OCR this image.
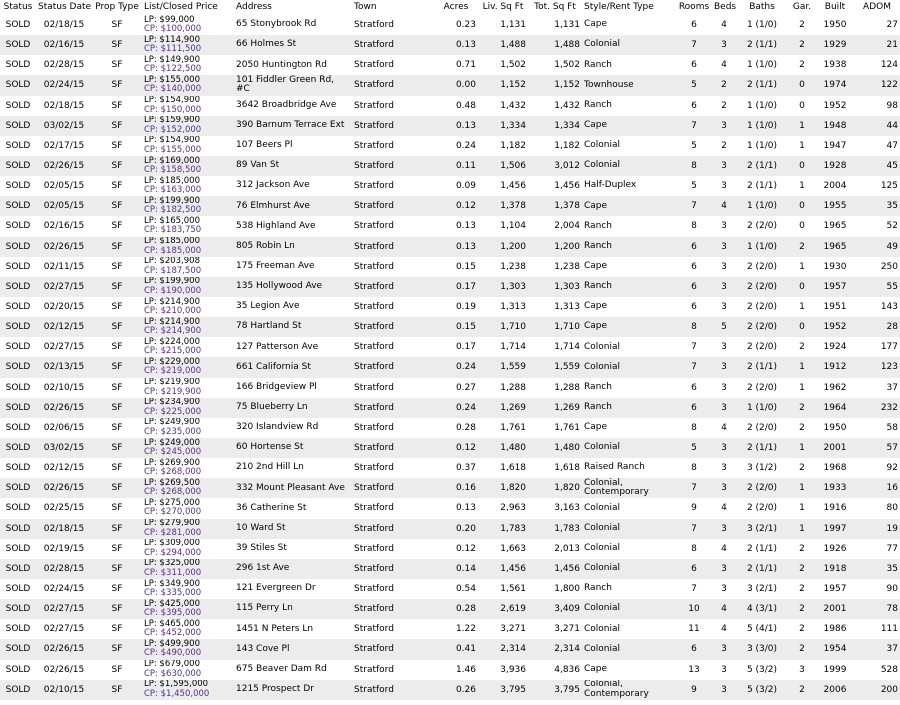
Status	Status Date	Prop Type	List/Closed Price	Address	Town	Acres	Liv. Sq Ft	Tot. Sq Ft	Style/Rent Type	Rooms	Beds	Baths	Gar.	Built	ADOM
SOLD	02/18/15	SF	LP: $99,000
CP: $100,000	65 Stonybrook Rd	Stratford	0.23	1,131	1,131	Cape	6	4	1 (1/0)	2	1950	27
SOLD	02/16/15	SF	LP: $114,900
CP: $111,500	66 Holmes St	Stratford	0.13	1,488	1,488	Colonial	7	3	2 (1/1)	2	1929	21
SOLD	02/28/15	SF	LP: $149,900
CP: $122,500	2050 Huntington Rd	Stratford	0.71	1,502	1,502	Ranch	6	4	1 (1/0)	2	1938	124
SOLD	02/24/15	SF	LP: $155,000
CP: $140,000	101 Fiddler Green Rd, #C	Stratford	0.00	1,152	1,152	Townhouse	5	2	2 (1/1)	0	1974	122
SOLD	02/18/15	SF	LP: $154,900
CP: $150,000	3642 Broadbridge Ave	Stratford	0.48	1,432	1,432	Ranch	6	2	1 (1/0)	0	1952	98
SOLD	03/02/15	SF	LP: $159,900
CP: $152,000	390 Barnum Terrace Ext	Stratford	0.13	1,334	1,334	Cape	7	3	1 (1/0)	1	1948	44
SOLD	02/17/15	SF	LP: $154,900
CP: $155,000	107 Beers Pl	Stratford	0.24	1,182	1,182	Colonial	5	2	1 (1/0)	1	1947	47
SOLD	02/26/15	SF	LP: $169,000
CP: $158,500	89 Van St	Stratford	0.11	1,506	3,012	Colonial	8	3	2 (1/1)	0	1928	45
SOLD	02/05/15	SF	LP: $185,000
CP: $163,000	312 Jackson Ave	Stratford	0.09	1,456	1,456	Half-Duplex	5	3	2 (1/1)	1	2004	125
SOLD	02/05/15	SF	LP: $199,900
CP: $182,500	76 Elmhurst Ave	Stratford	0.12	1,378	1,378	Cape	7	4	1 (1/0)	0	1955	35
SOLD	02/16/15	SF	LP: $165,000
CP: $183,750	538 Highland Ave	Stratford	0.13	1,104	2,004	Ranch	8	3	2 (2/0)	0	1965	52
SOLD	02/26/15	SF	LP: $185,000
CP: $185,000	805 Robin Ln	Stratford	0.13	1,200	1,200	Ranch	6	3	1 (1/0)	2	1965	49
SOLD	02/11/15	SF	LP: $203,908
CP: $187,500	175 Freeman Ave	Stratford	0.15	1,238	1,238	Cape	6	3	2 (2/0)	1	1930	250
SOLD	02/27/15	SF	LP: $199,900
CP: $190,000	135 Hollywood Ave	Stratford	0.17	1,303	1,303	Ranch	6	3	2 (2/0)	0	1957	55
SOLD	02/20/15	SF	LP: $214,900
CP: $210,000	35 Legion Ave	Stratford	0.19	1,313	1,313	Cape	6	3	2 (2/0)	1	1951	143
SOLD	02/12/15	SF	LP: $214,900
CP: $214,900	78 Hartland St	Stratford	0.15	1,710	1,710	Cape	8	5	2 (2/0)	0	1952	28
SOLD	02/27/15	SF	LP: $224,000
CP: $215,000	127 Patterson Ave	Stratford	0.17	1,714	1,714	Colonial	7	3	2 (2/0)	2	1924	177
SOLD	02/13/15	SF	LP: $229,000
CP: $219,000	661 California St	Stratford	0.24	1,559	1,559	Colonial	7	3	2 (1/1)	1	1912	123
SOLD	02/10/15	SF	LP: $219,900
CP: $219,900	166 Bridgeview Pl	Stratford	0.27	1,288	1,288	Ranch	6	3	2 (2/0)	1	1962	37
SOLD	02/26/15	SF	LP: $234,900
CP: $225,000	75 Blueberry Ln	Stratford	0.24	1,269	1,269	Ranch	6	3	1 (1/0)	2	1964	232
SOLD	02/06/15	SF	LP: $249,900
CP: $235,000	320 Islandview Rd	Stratford	0.28	1,761	1,761	Cape	8	4	2 (2/0)	2	1950	58
SOLD	03/02/15	SF	LP: $249,000
CP: $245,000	60 Hortense St	Stratford	0.12	1,480	1,480	Colonial	5	3	2 (1/1)	1	2001	57
SOLD	02/12/15	SF	LP: $269,900
CP: $268,000	210 2nd Hill Ln	Stratford	0.37	1,618	1,618	Raised Ranch	8	3	3 (1/2)	2	1968	92
SOLD	02/26/15	SF	LP: $269,500
CP: $268,000	332 Mount Pleasant Ave	Stratford	0.16	1,820	1,820	Colonial, Contemporary	7	3	2 (2/0)	1	1933	16
SOLD	02/25/15	SF	LP: $275,000
CP: $270,000	36 Catherine St	Stratford	0.13	2,963	3,163	Colonial	9	4	2 (2/0)	1	1916	80
SOLD	02/18/15	SF	LP: $279,900
CP: $281,000	10 Ward St	Stratford	0.20	1,783	1,783	Colonial	7	3	3 (2/1)	1	1997	19
SOLD	02/19/15	SF	LP: $309,000
CP: $294,000	39 Stiles St	Stratford	0.12	1,663	2,013	Colonial	8	4	2 (1/1)	2	1926	77
SOLD	02/28/15	SF	LP: $325,000
CP: $311,000	296 1st Ave	Stratford	0.14	1,456	1,456	Colonial	6	3	2 (1/1)	2	1918	35
SOLD	02/24/15	SF	LP: $349,900
CP: $335,000	121 Evergreen Dr	Stratford	0.54	1,561	1,800	Ranch	7	3	3 (2/1)	2	1957	90
SOLD	02/27/15	SF	LP: $425,000
CP: $395,000	115 Perry Ln	Stratford	0.28	2,619	3,409	Colonial	10	4	4 (3/1)	2	2001	78
SOLD	02/27/15	SF	LP: $465,000
CP: $452,000	1451 N Peters Ln	Stratford	1.22	3,271	3,271	Colonial	11	4	5 (4/1)	2	1986	111
SOLD	02/26/15	SF	LP: $499,900
CP: $490,000	143 Cove Pl	Stratford	0.41	2,314	2,314	Colonial	6	3	3 (3/0)	2	1954	37
SOLD	02/26/15	SF	LP: $679,000
CP: $630,000	675 Beaver Dam Rd	Stratford	1.46	3,936	4,836	Cape	13	3	5 (3/2)	3	1999	528
SOLD	02/10/15	SF	LP: $1,595,000
CP: $1,450,000	1215 Prospect Dr	Stratford	0.26	3,795	3,795	Colonial, Contemporary	9	3	5 (3/2)	2	2006	200
